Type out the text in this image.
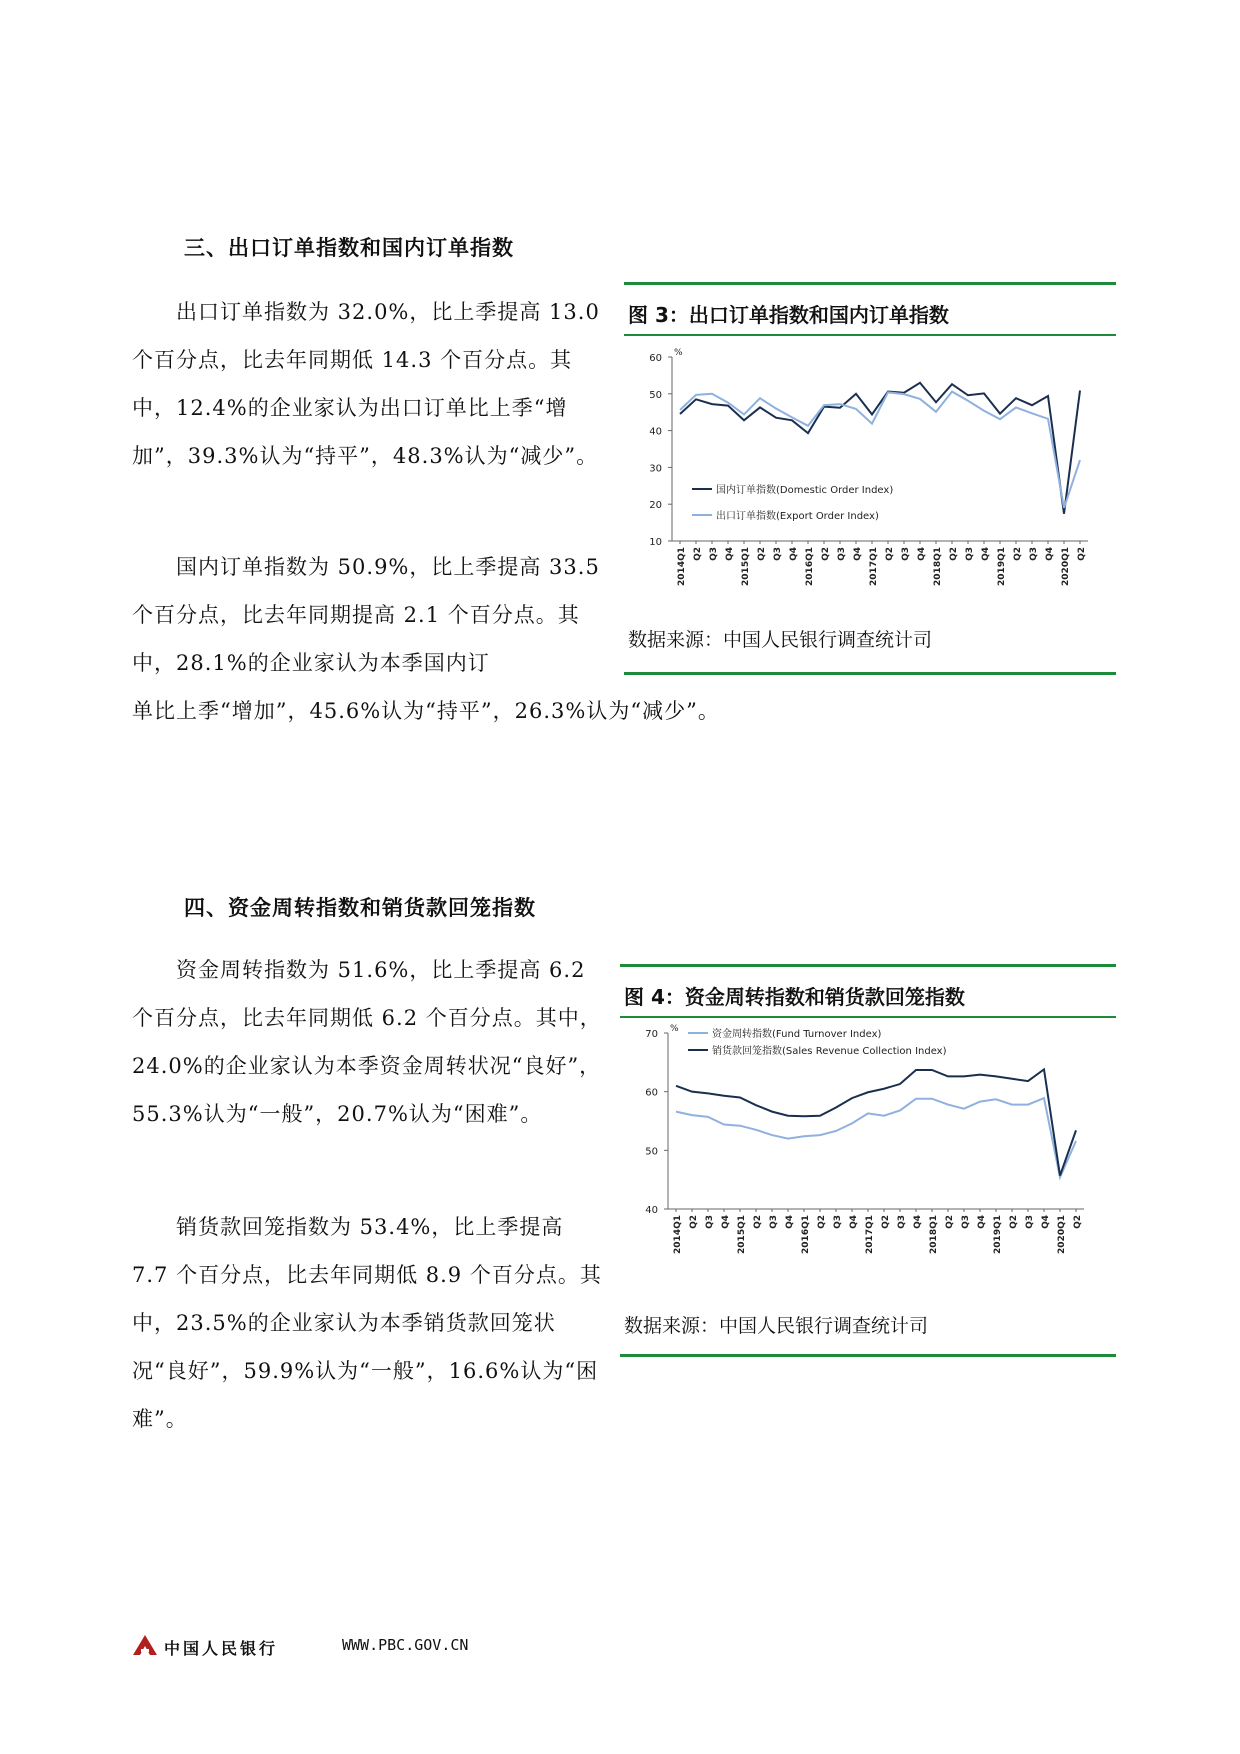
三、出口订单指数和国内订单指数

出口订单指数为 32.0%，比上季提高 13.0 个百分点，比去年同期低 14.3 个百分点。其中，12.4%的企业家认为出口订单比上季“增加”，39.3%认为“持平”，48.3%认为“减少”。

国内订单指数为 50.9%，比上季提高 33.5 个百分点，比去年同期提高 2.1 个百分点。其中，28.1%的企业家认为本季国内订

单比上季“增加”，45.6%认为“持平”，26.3%认为“减少”。

图 3：出口订单指数和国内订单指数
10
20
30
40
50
60 %
2014Q1 Q2 Q3 Q4 2015Q1 Q2 Q3 Q4 2016Q1 Q2 Q3 Q4 2017Q1 Q2 Q3 Q4 2018Q1 Q2 Q3 Q4 2019Q1 Q2 Q3 Q4 2020Q1 Q2
国内订单指数(Domestic Order Index)
出口订单指数(Export Order Index)
数据来源：中国人民银行调查统计司
四、资金周转指数和销货款回笼指数

资金周转指数为 51.6%，比上季提高 6.2 个百分点，比去年同期低 6.2 个百分点。其中，24.0%的企业家认为本季资金周转状况“良好”，55.3%认为“一般”，20.7%认为“困难”。

销货款回笼指数为 53.4%，比上季提高 7.7 个百分点，比去年同期低 8.9 个百分点。其中，23.5%的企业家认为本季销货款回笼状况“良好”，59.9%认为“一般”，16.6%认为“困难”。

图 4：资金周转指数和销货款回笼指数
40
50
60
70 %
2014Q1 Q2 Q3 Q4 2015Q1 Q2 Q3 Q4 2016Q1 Q2 Q3 Q4 2017Q1 Q2 Q3 Q4 2018Q1 Q2 Q3 Q4 2019Q1 Q2 Q3 Q4 2020Q1 Q2
资金周转指数(Fund Turnover Index)
销货款回笼指数(Sales Revenue Collection Index)
数据来源：中国人民银行调查统计司
中国人民银行	WWW.PBC.GOV.CN
